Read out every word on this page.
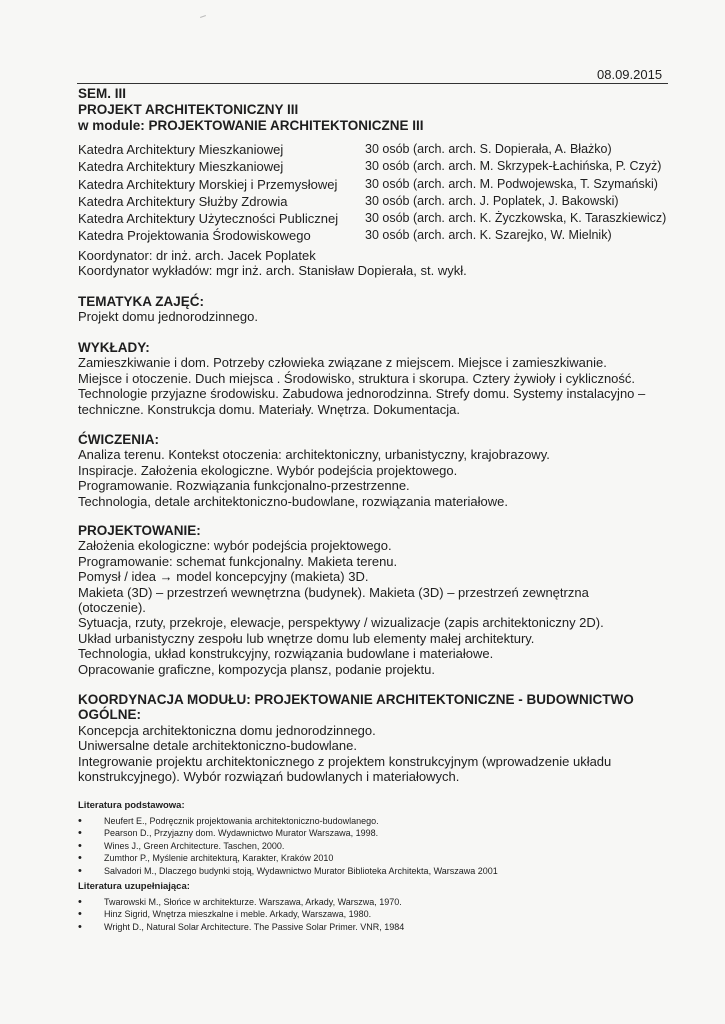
08.09.2015
SEM. III
PROJEKT ARCHITEKTONICZNY III
w module: PROJEKTOWANIE ARCHITEKTONICZNE III
Katedra Architektury Mieszkaniowej	30 osób (arch. arch. S. Dopierała, A. Błażko)
Katedra Architektury Mieszkaniowej	30 osób (arch. arch. M. Skrzypek-Łachińska, P. Czyż)
Katedra Architektury Morskiej i Przemysłowej	30 osób (arch. arch. M. Podwojewska, T. Szymański)
Katedra Architektury Służby Zdrowia	30 osób (arch. arch. J. Poplatek, J. Bakowski)
Katedra Architektury Użyteczności Publicznej	30 osób (arch. arch. K. Życzkowska, K. Taraszkiewicz)
Katedra Projektowania Środowiskowego	30 osób (arch. arch. K. Szarejko, W. Mielnik)
Koordynator: dr inż. arch. Jacek Poplatek
Koordynator wykładów: mgr inż. arch. Stanisław Dopierała, st. wykł.
TEMATYKA ZAJĘĆ:
Projekt domu jednorodzinnego.
WYKŁADY:
Zamieszkiwanie i dom. Potrzeby człowieka związane z miejscem. Miejsce i zamieszkiwanie.
Miejsce i otoczenie. Duch miejsca . Środowisko, struktura i skorupa. Cztery żywioły i cykliczność.
Technologie przyjazne środowisku. Zabudowa jednorodzinna. Strefy domu. Systemy instalacyjno –
techniczne. Konstrukcja domu. Materiały. Wnętrza. Dokumentacja.
ĆWICZENIA:
Analiza terenu. Kontekst otoczenia: architektoniczny, urbanistyczny, krajobrazowy.
Inspiracje. Założenia ekologiczne. Wybór podejścia projektowego.
Programowanie. Rozwiązania funkcjonalno-przestrzenne.
Technologia, detale architektoniczno-budowlane, rozwiązania materiałowe.
PROJEKTOWANIE:
Założenia ekologiczne: wybór podejścia projektowego.
Programowanie: schemat funkcjonalny. Makieta terenu.
Pomysł / idea → model koncepcyjny (makieta) 3D.
Makieta (3D) – przestrzeń wewnętrzna (budynek). Makieta (3D) – przestrzeń zewnętrzna
(otoczenie).
Sytuacja, rzuty, przekroje, elewacje, perspektywy / wizualizacje (zapis architektoniczny 2D).
Układ urbanistyczny zespołu lub wnętrze domu lub elementy małej architektury.
Technologia, układ konstrukcyjny, rozwiązania budowlane i materiałowe.
Opracowanie graficzne, kompozycja plansz, podanie projektu.
KOORDYNACJA MODUŁU: PROJEKTOWANIE ARCHITEKTONICZNE - BUDOWNICTWO
OGÓLNE:
Koncepcja architektoniczna domu jednorodzinnego.
Uniwersalne detale architektoniczno-budowlane.
Integrowanie projektu architektonicznego z projektem konstrukcyjnym (wprowadzenie układu
konstrukcyjnego). Wybór rozwiązań budowlanych i materiałowych.
Literatura podstawowa:
• Neufert E., Podręcznik projektowania architektoniczno-budowlanego.
• Pearson D., Przyjazny dom. Wydawnictwo Murator Warszawa, 1998.
• Wines J., Green Architecture. Taschen, 2000.
• Zumthor P., Myślenie architekturą, Karakter, Kraków 2010
• Salvadori M., Dlaczego budynki stoją, Wydawnictwo Murator Biblioteka Architekta, Warszawa 2001
Literatura uzupełniająca:
• Twarowski M., Słońce w architekturze. Warszawa, Arkady, Warszwa, 1970.
• Hinz Sigrid, Wnętrza mieszkalne i meble. Arkady, Warszawa, 1980.
• Wright D., Natural Solar Architecture. The Passive Solar Primer. VNR, 1984
